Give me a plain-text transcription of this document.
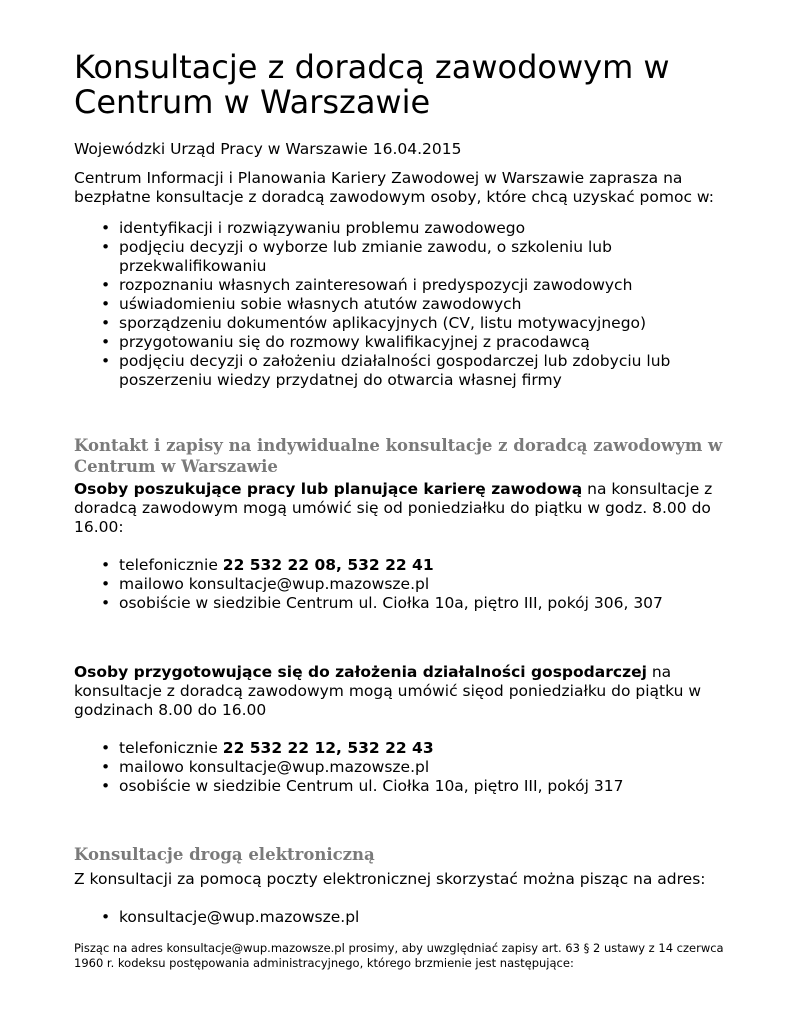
Konsultacje z doradcą zawodowym w Centrum w Warszawie

Wojewódzki Urząd Pracy w Warszawie 16.04.2015

Centrum Informacji i Planowania Kariery Zawodowej w Warszawie zaprasza na bezpłatne konsultacje z doradcą zawodowym osoby, które chcą uzyskać pomoc w:

• identyfikacji i rozwiązywaniu problemu zawodowego
• podjęciu decyzji o wyborze lub zmianie zawodu, o szkoleniu lub przekwalifikowaniu
• rozpoznaniu własnych zainteresowań i predyspozycji zawodowych
• uświadomieniu sobie własnych atutów zawodowych
• sporządzeniu dokumentów aplikacyjnych (CV, listu motywacyjnego)
• przygotowaniu się do rozmowy kwalifikacyjnej z pracodawcą
• podjęciu decyzji o założeniu działalności gospodarczej lub zdobyciu lub poszerzeniu wiedzy przydatnej do otwarcia własnej firmy
Kontakt i zapisy na indywidualne konsultacje z doradcą zawodowym w Centrum w Warszawie

Osoby poszukujące pracy lub planujące karierę zawodową na konsultacje z doradcą zawodowym mogą umówić się od poniedziałku do piątku w godz. 8.00 do 16.00:

• telefonicznie 22 532 22 08, 532 22 41
• mailowo konsultacje@wup.mazowsze.pl
• osobiście w siedzibie Centrum ul. Ciołka 10a, piętro III, pokój 306, 307

Osoby przygotowujące się do założenia działalności gospodarczej na konsultacje z doradcą zawodowym mogą umówić sięod poniedziałku do piątku w godzinach 8.00 do 16.00

• telefonicznie 22 532 22 12, 532 22 43
• mailowo konsultacje@wup.mazowsze.pl
• osobiście w siedzibie Centrum ul. Ciołka 10a, piętro III, pokój 317
Konsultacje drogą elektroniczną

Z konsultacji za pomocą poczty elektronicznej skorzystać można pisząc na adres:

• konsultacje@wup.mazowsze.pl

Pisząc na adres konsultacje@wup.mazowsze.pl prosimy, aby uwzględniać zapisy art. 63 § 2 ustawy z 14 czerwca 1960 r. kodeksu postępowania administracyjnego, którego brzmienie jest następujące:
